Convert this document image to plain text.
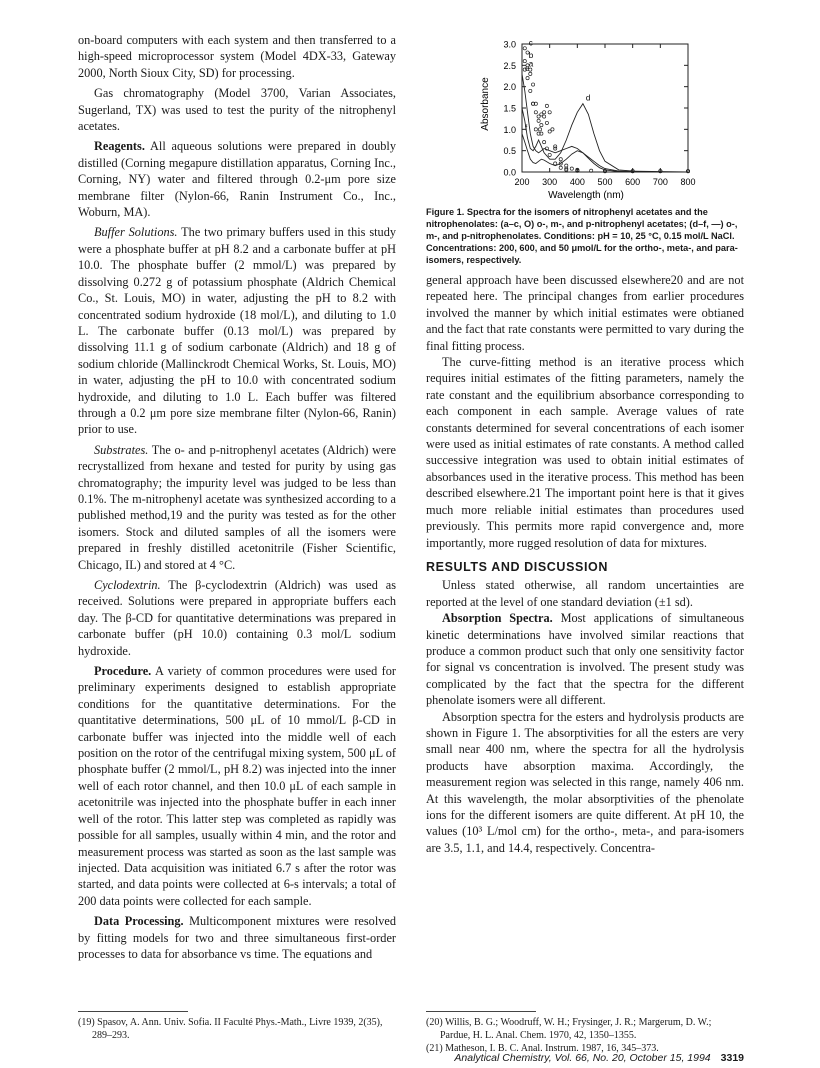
on-board computers with each system and then transferred to a high-speed microprocessor system (Model 4DX-33, Gateway 2000, North Sioux City, SD) for processing.

Gas chromatography (Model 3700, Varian Associates, Sugerland, TX) was used to test the purity of the nitrophenyl acetates.

Reagents. All aqueous solutions were prepared in doubly distilled (Corning megapure distillation apparatus, Corning Inc., Corning, NY) water and filtered through 0.2-μm pore size membrane filter (Nylon-66, Ranin Instrument Co., Inc., Woburn, MA).

Buffer Solutions. The two primary buffers used in this study were a phosphate buffer at pH 8.2 and a carbonate buffer at pH 10.0. The phosphate buffer (2 mmol/L) was prepared by dissolving 0.272 g of potassium phosphate (Aldrich Chemical Co., St. Louis, MO) in water, adjusting the pH to 8.2 with concentrated sodium hydroxide (18 mol/L), and diluting to 1.0 L. The carbonate buffer (0.13 mol/L) was prepared by dissolving 11.1 g of sodium carbonate (Aldrich) and 18 g of sodium chloride (Mallinckrodt Chemical Works, St. Louis, MO) in water, adjusting the pH to 10.0 with concentrated sodium hydroxide, and diluting to 1.0 L. Each buffer was filtered through a 0.2 μm pore size membrane filter (Nylon-66, Ranin) prior to use.

Substrates. The o- and p-nitrophenyl acetates (Aldrich) were recrystallized from hexane and tested for purity by using gas chromatography; the impurity level was judged to be less than 0.1%. The m-nitrophenyl acetate was synthesized according to a published method,19 and the purity was tested as for the other isomers. Stock and diluted samples of all the isomers were prepared in freshly distilled acetonitrile (Fisher Scientific, Chicago, IL) and stored at 4 °C.

Cyclodextrin. The β-cyclodextrin (Aldrich) was used as received. Solutions were prepared in appropriate buffers each day. The β-CD for quantitative determinations was prepared in carbonate buffer (pH 10.0) containing 0.3 mol/L sodium hydroxide.

Procedure. A variety of common procedures were used for preliminary experiments designed to establish appropriate conditions for the quantitative determinations. For the quantitative determinations, 500 μL of 10 mmol/L β-CD in carbonate buffer was injected into the middle well of each position on the rotor of the centrifugal mixing system, 500 μL of phosphate buffer (2 mmol/L, pH 8.2) was injected into the inner well of each rotor channel, and then 10.0 μL of each sample in acetonitrile was injected into the phosphate buffer in each inner well of the rotor. This latter step was completed as rapidly was possible for all samples, usually within 4 min, and the rotor and measurement process was started as soon as the last sample was injected. Data acquisition was initiated 6.7 s after the rotor was started, and data points were collected at 6-s intervals; a total of 200 data points were collected for each sample.

Data Processing. Multicomponent mixtures were resolved by fitting models for two and three simultaneous first-order processes to data for absorbance vs time. The equations and

a
b
c
d
e
f
200 300 400 500 600 700 800
0.0
0.5
1.0
1.5
2.0
2.5
3.0
Absorbance
Wavelength (nm)
Figure 1. Spectra for the isomers of nitrophenyl acetates and the nitrophenolates: (a–c, O) o-, m-, and p-nitrophenyl acetates; (d–f, —) o-, m-, and p-nitrophenolates. Conditions: pH = 10, 25 °C, 0.15 mol/L NaCl. Concentrations: 200, 600, and 50 μmol/L for the ortho-, meta-, and para-isomers, respectively.

general approach have been discussed elsewhere20 and are not repeated here. The principal changes from earlier procedures involved the manner by which initial estimates were obtianed and the fact that rate constants were permitted to vary during the final fitting process.

The curve-fitting method is an iterative process which requires initial estimates of the fitting parameters, namely the rate constant and the equilibrium absorbance corresponding to each component in each sample. Average values of rate constants determined for several concentrations of each isomer were used as initial estimates of rate constants. A method called successive integration was used to obtain initial estimates of absorbances used in the iterative process. This method has been described elsewhere.21 The important point here is that it gives much more reliable initial estimates than procedures used previously. This permits more rapid convergence and, more importantly, more rugged resolution of data for mixtures.

RESULTS AND DISCUSSION

Unless stated otherwise, all random uncertainties are reported at the level of one standard deviation (±1 sd).

Absorption Spectra. Most applications of simultaneous kinetic determinations have involved similar reactions that produce a common product such that only one sensitivity factor for signal vs concentration is involved. The present study was complicated by the fact that the spectra for the different phenolate isomers were all different.

Absorption spectra for the esters and hydrolysis products are shown in Figure 1. The absorptivities for all the esters are very small near 400 nm, where the spectra for all the hydrolysis products have absorption maxima. Accordingly, the measurement region was selected in this range, namely 406 nm. At this wavelength, the molar absorptivities of the phenolate ions for the different isomers are quite different. At pH 10, the values (10³ L/mol cm) for the ortho-, meta-, and para-isomers are 3.5, 1.1, and 14.4, respectively. Concentra-

(19) Spasov, A. Ann. Univ. Sofia. II Faculté Phys.-Math., Livre 1939, 2(35), 289–293.

(20) Willis, B. G.; Woodruff, W. H.; Frysinger, J. R.; Margerum, D. W.; Pardue, H. L. Anal. Chem. 1970, 42, 1350–1355.

(21) Matheson, I. B. C. Anal. Instrum. 1987, 16, 345–373.

Analytical Chemistry, Vol. 66, No. 20, October 15, 1994 3319
